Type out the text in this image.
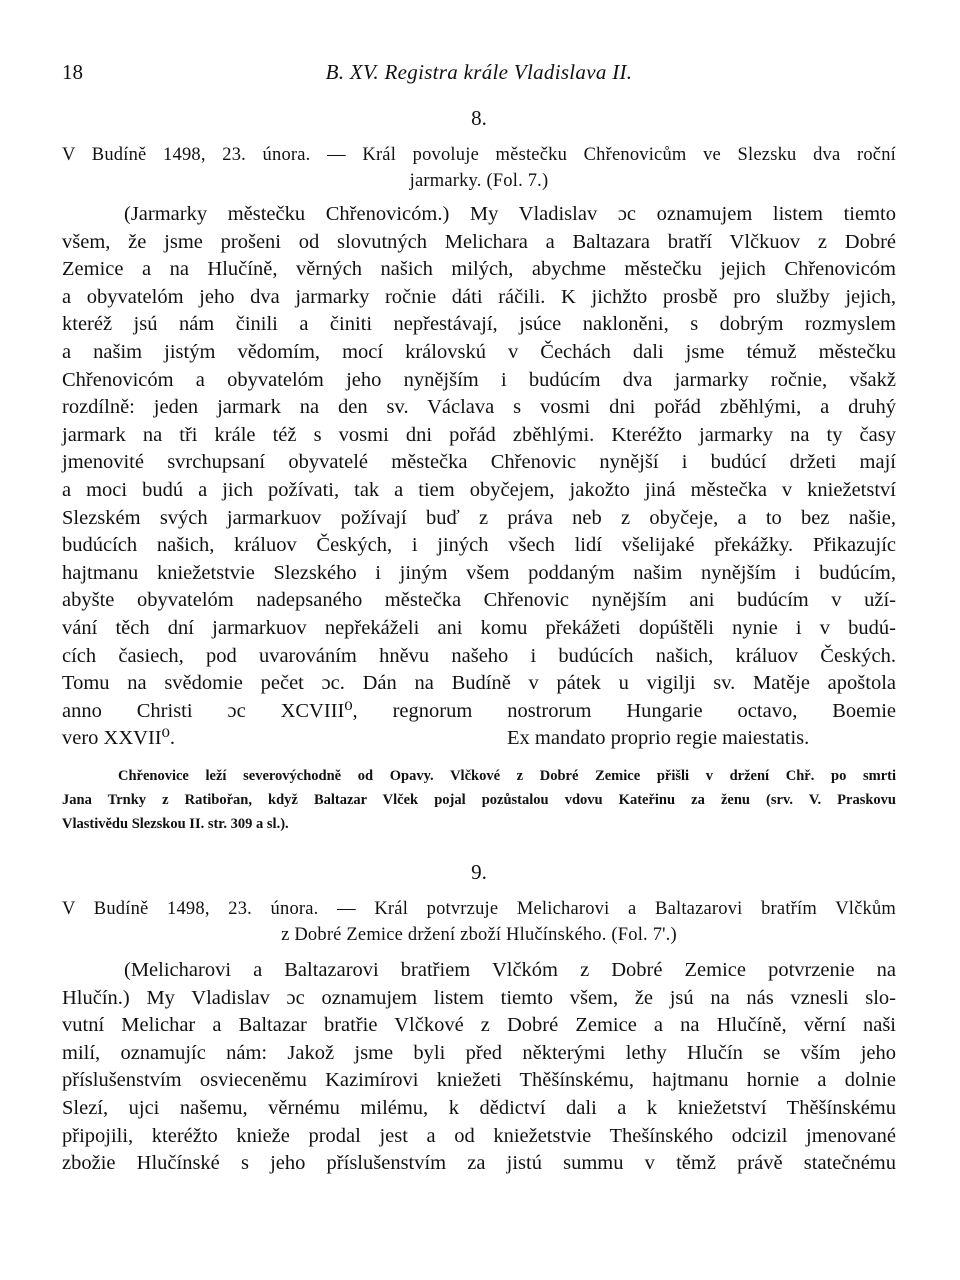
18	B. XV. Registra krále Vladislava II.
8.
V Budíně 1498, 23. února. — Král povoluje městečku Chřenovicům ve Slezsku dva roční
jarmarky. (Fol. 7.)
(Jarmarky městečku Chřenovicóm.) My Vladislav ɔc oznamujem listem tiemto
všem, že jsme prošeni od slovutných Melichara a Baltazara bratří Vlčkuov z Dobré
Zemice a na Hlučíně, věrných našich milých, abychme městečku jejich Chřenovicóm
a obyvatelóm jeho dva jarmarky ročnie dáti ráčili. K jichžto prosbě pro služby jejich,
kteréž jsú nám činili a činiti nepřestávají, jsúce nakloněni, s dobrým rozmyslem
a našim jistým vědomím, mocí královskú v Čechách dali jsme témuž městečku
Chřenovicóm a obyvatelóm jeho nynějším i budúcím dva jarmarky ročnie, všakž
rozdílně: jeden jarmark na den sv. Václava s vosmi dni pořád zběhlými, a druhý
jarmark na tři krále též s vosmi dni pořád zběhlými. Kteréžto jarmarky na ty časy
jmenovité svrchupsaní obyvatelé městečka Chřenovic nynější i budúcí držeti mají
a moci budú a jich požívati, tak a tiem obyčejem, jakožto jiná městečka v kniežetství
Slezském svých jarmarkuov požívají buď z práva neb z obyčeje, a to bez našie,
budúcích našich, králuov Českých, i jiných všech lidí všelijaké překážky. Přikazujíc
hajtmanu kniežetstvie Slezského i jiným všem poddaným našim nynějším i budúcím,
abyšte obyvatelóm nadepsaného městečka Chřenovic nynějším ani budúcím v uží-
vání těch dní jarmarkuov nepřekáželi ani komu překážeti dopúštěli nynie i v budú-
cích časiech, pod uvarováním hněvu našeho i budúcích našich, králuov Českých.
Tomu na svědomie pečet ɔc. Dán na Budíně v pátek u vigilji sv. Matěje apoštola
anno Christi ɔc XCVIII⁰, regnorum nostrorum Hungarie octavo, Boemie
vero XXVII⁰.	Ex mandato proprio regie maiestatis.
Chřenovice leží severovýchodně od Opavy. Vlčkové z Dobré Zemice přišli v držení Chř. po smrti
Jana Trnky z Ratibořan, když Baltazar Vlček pojal pozůstalou vdovu Kateřinu za ženu (srv. V. Praskovu
Vlastivědu Slezskou II. str. 309 a sl.).
9.
V Budíně 1498, 23. února. — Král potvrzuje Melicharovi a Baltazarovi bratřím Vlčkům
z Dobré Zemice držení zboží Hlučínského. (Fol. 7'.)
(Melicharovi a Baltazarovi bratřiem Vlčkóm z Dobré Zemice potvrzenie na
Hlučín.) My Vladislav ɔc oznamujem listem tiemto všem, že jsú na nás vznesli slo-
vutní Melichar a Baltazar bratřie Vlčkové z Dobré Zemice a na Hlučíně, věrní naši
milí, oznamujíc nám: Jakož jsme byli před některými lethy Hlučín se vším jeho
příslušenstvím osvieceněmu Kazimírovi kniežeti Thěšínskému, hajtmanu hornie a dolnie
Slezí, ujci našemu, věrnému milému, k dědictví dali a k kniežetství Thěšínskému
připojili, kteréžto knieže prodal jest a od kniežetstvie Thešínského odcizil jmenované
zbožie Hlučínské s jeho příslušenstvím za jistú summu v těmž právě statečnému
